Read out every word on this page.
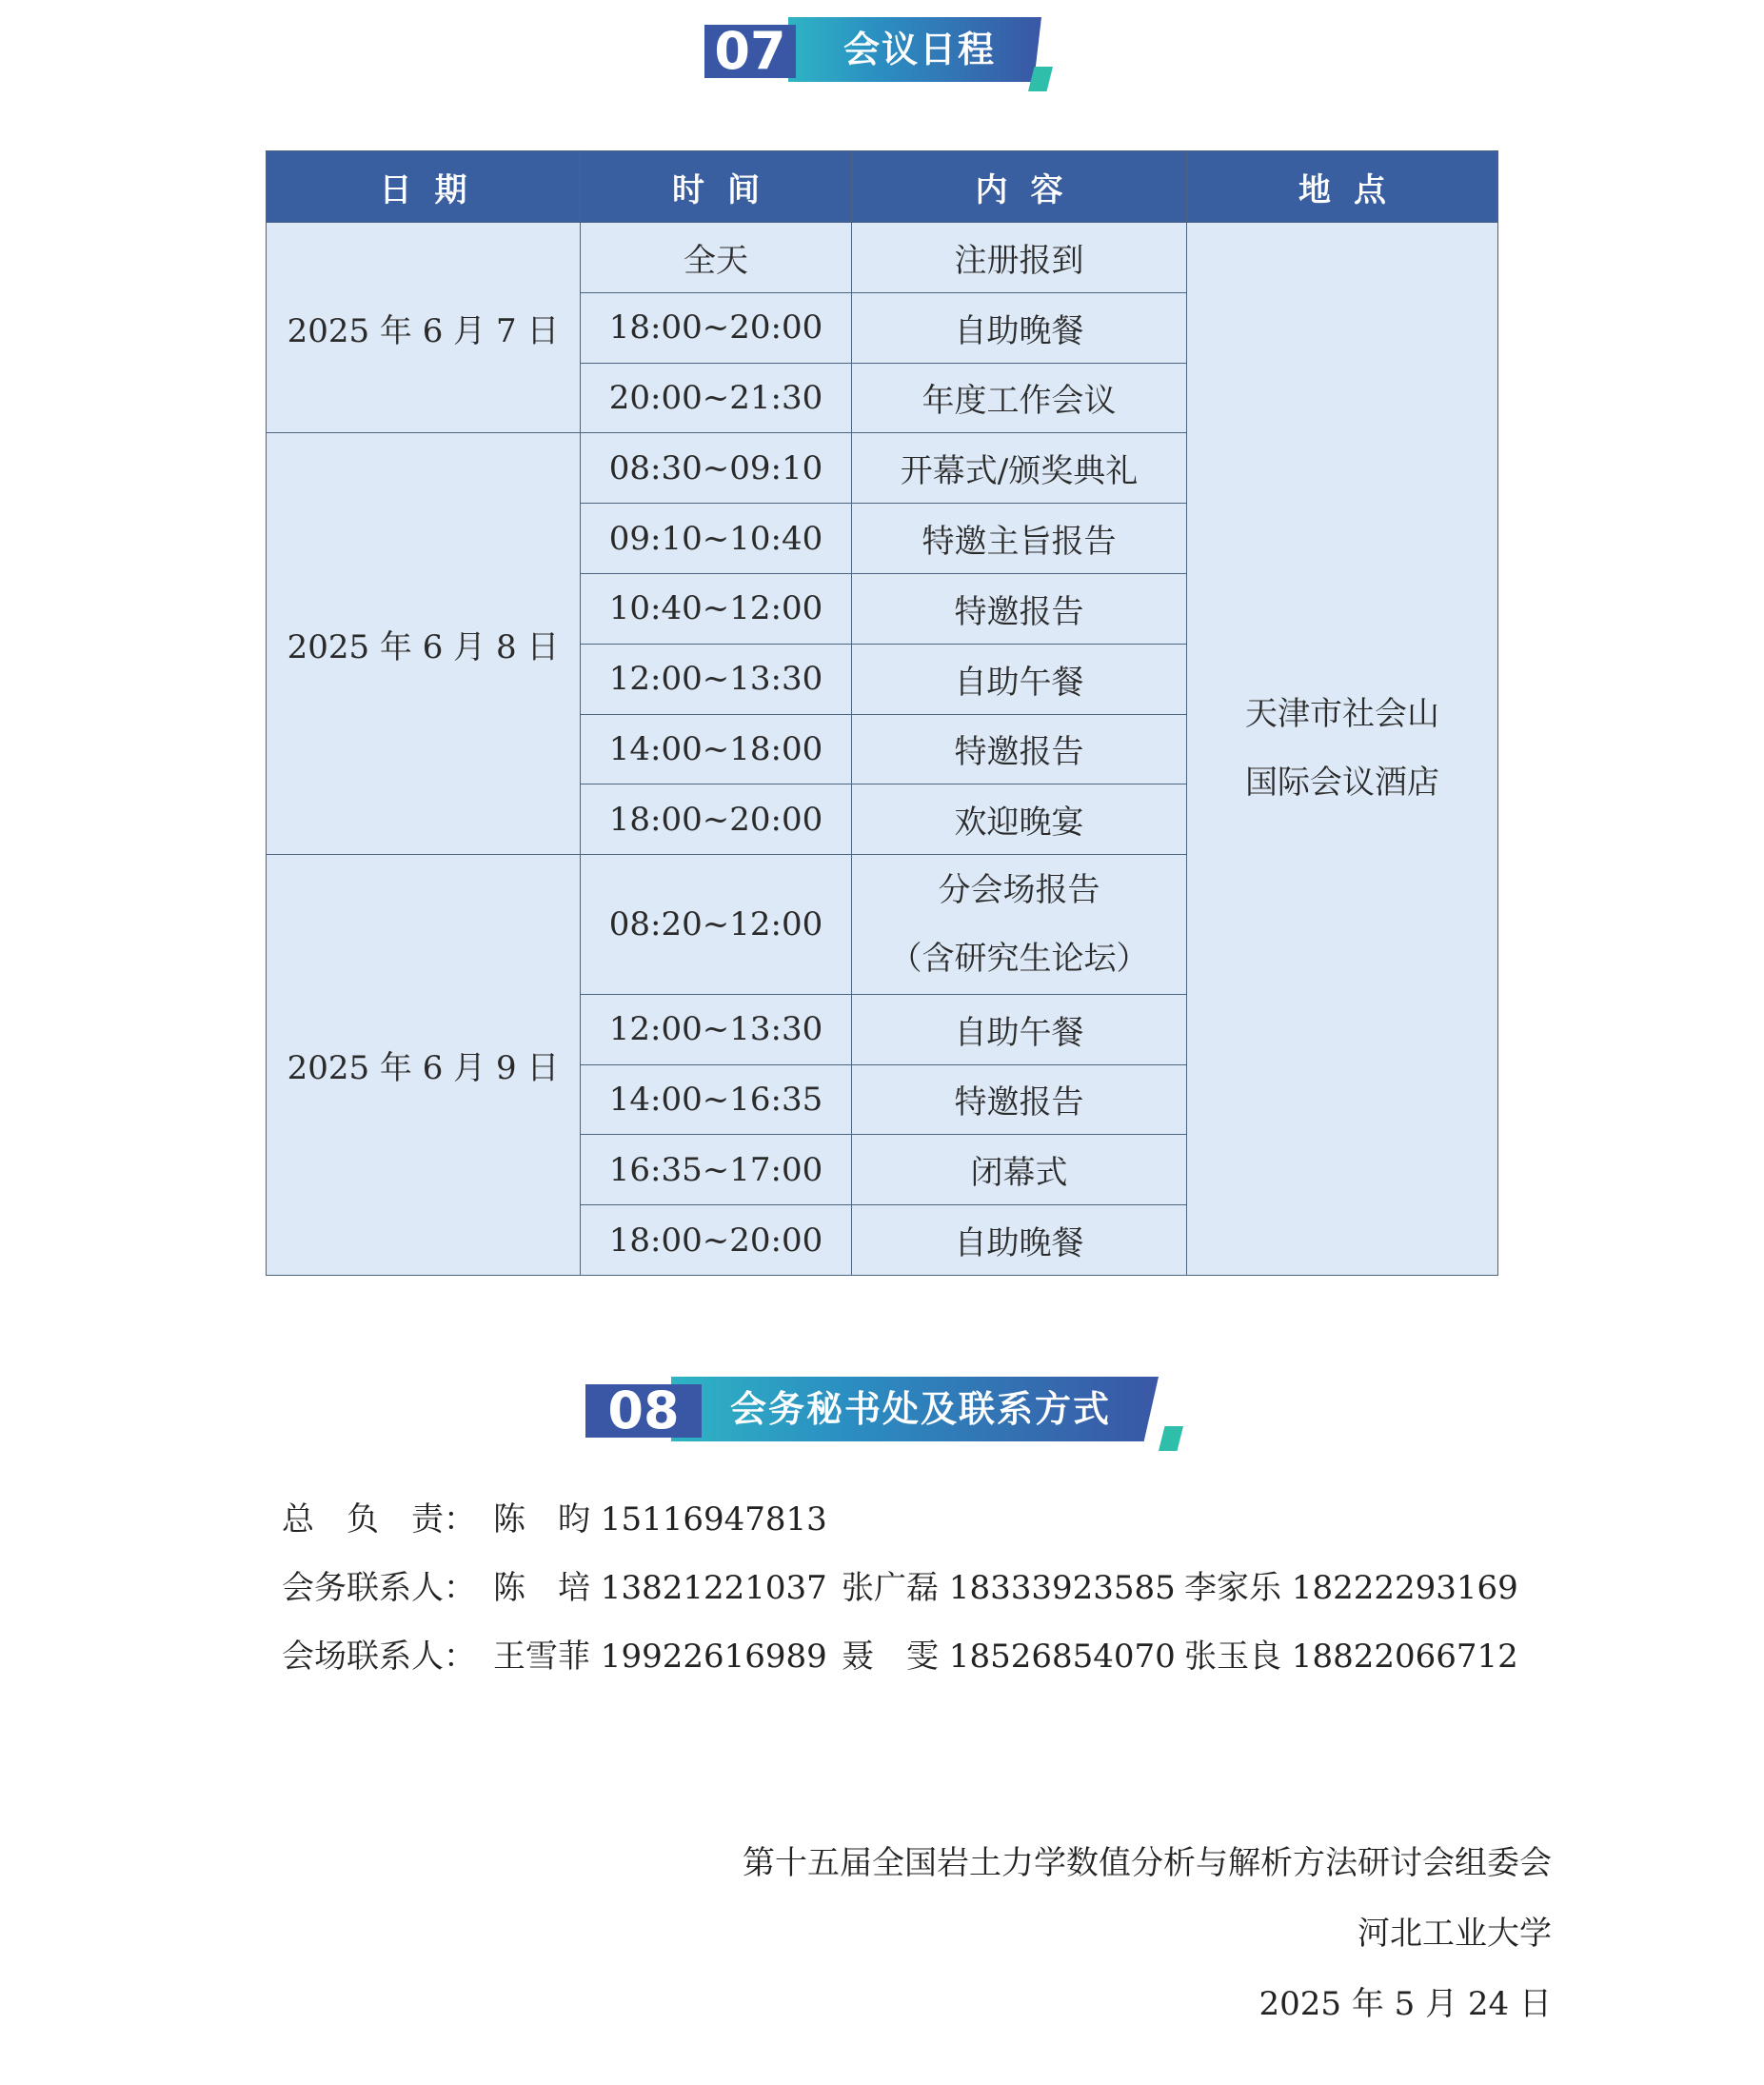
07 会议日程
日期	时间	内容	地点
2025 年 6 月 7 日	全天	注册报到	天津市社会山
国际会议酒店

	18:00~20:00	自助晚餐	
	20:00~21:30	年度工作会议	
2025 年 6 月 8 日	08:30~09:10	开幕式/颁奖典礼	
	09:10~10:40	特邀主旨报告	
	10:40~12:00	特邀报告	
	12:00~13:30	自助午餐	
	14:00~18:00	特邀报告	
	18:00~20:00	欢迎晚宴	
2025 年 6 月 9 日	08:20~12:00	分会场报告
（含研究生论坛）	

	12:00~13:30	自助午餐	
	14:00~16:35	特邀报告	
	16:35~17:00	闭幕式	
	18:00~20:00	自助晚餐	
08	会务秘书处及联系方式
总　负　责： 陈　昀 15116947813
会务联系人： 陈　培 13821221037 张广磊 18333923585 李家乐 18222293169
会场联系人： 王雪菲 19922616989 聂　雯 18526854070 张玉良 18822066712
第十五届全国岩土力学数值分析与解析方法研讨会组委会
河北工业大学
2025 年 5 月 24 日
